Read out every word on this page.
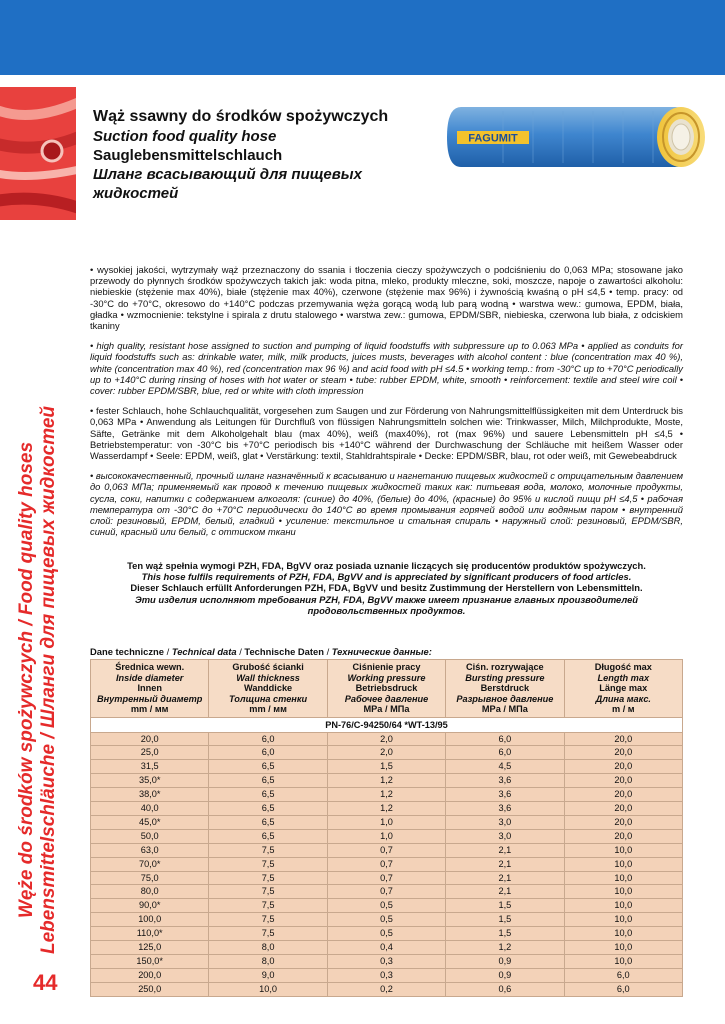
Wąż ssawny do środków spożywczych

Suction food quality hose

Sauglebensmittelschlauch

Шланг всасывающий для пищевых жидкостей

FAGUMIT
Węże do środków spożywczych / Food quality hoses Lebensmittelschläuche / Шланги для пищевых жидкостей
44

• wysokiej jakości, wytrzymały wąż przeznaczony do ssania i tłoczenia cieczy spożywczych o podciśnieniu do 0,063 MPa; stosowane jako przewody do płynnych środków spożywczych takich jak: woda pitna, mleko, produkty mleczne, soki, moszcze, napoje o zawartości alkoholu: niebieskie (stężenie max 40%), białe (stężenie max 40%), czerwone (stężenie max 96%) i żywnością kwaśną o pH ≤4,5 • temp. pracy: od -30°C do +70°C, okresowo do +140°C podczas przemywania węża gorącą wodą lub parą wodną • warstwa wew.: gumowa, EPDM, biała, gładka • wzmocnienie: tekstylne i spirala z drutu stalowego • warstwa zew.: gumowa, EPDM/SBR, niebieska, czerwona lub biała, z odciskiem tkaniny

• high quality, resistant hose assigned to suction and pumping of liquid foodstuffs with subpressure up to 0.063 MPa • applied as conduits for liquid foodstuffs such as: drinkable water, milk, milk products, juices musts, beverages with alcohol content : blue (concentration max 40 %), white (concentration max 40 %), red (concentration max 96 %) and acid food with pH ≤4.5 • working temp.: from -30°C up to +70°C periodically up to +140°C during rinsing of hoses with hot water or steam • tube: rubber EPDM, white, smooth • reinforcement: textile and steel wire coil • cover: rubber EPDM/SBR, blue, red or white with cloth impression

• fester Schlauch, hohe Schlauchqualität, vorgesehen zum Saugen und zur Förderung von Nahrungsmittelflüssigkeiten mit dem Unterdruck bis 0,063 MPa • Anwendung als Leitungen für Durchfluß von flüssigen Nahrungsmitteln solchen wie: Trinkwasser, Milch, Milchprodukte, Moste, Säfte, Getränke mit dem Alkoholgehalt blau (max 40%), weiß (max40%), rot (max 96%) und sauere Lebensmitteln pH ≤4,5 • Betriebstemperatur: von -30°C bis +70°C periodisch bis +140°C während der Durchwaschung der Schläuche mit heißem Wasser oder Wasserdampf • Seele: EPDM, weiß, glat • Verstärkung: textil, Stahldrahtspirale • Decke: EPDM/SBR, blau, rot oder weiß, mit Gewebeabdruck

• высококачественный, прочный шланг назначённый к всасыванию и нагнетанию пищевых жидкостей с отрицательным давлением до 0,063 МПа; применяемый как провод к течению пищевых жидкостей таких как: питьевая вода, молоко, молочные продукты, сусла, соки, напитки с содержанием алкоголя: (синие) до 40%, (белые) до 40%, (красные) до 95% и кислой пищи pH ≤4,5 • рабочая температура от -30°C до +70°C периодически до 140°C во время промывания горячей водой или водяным паром • внутренний слой: резиновый, EPDM, белый, гладкий • усиление: текстильное и стальная спираль • наружный слой: резиновый, EPDM/SBR, синий, красный или белый, с оттиском ткани

Ten wąż spełnia wymogi PZH, FDA, BgVV oraz posiada uznanie liczących się producentów produktów spożywczych.

This hose fulfils requirements of PZH, FDA, BgVV and is appreciated by significant producers of food articles.

Dieser Schlauch erfüllt Anforderungen PZH, FDA, BgVV und besitz Zustimmung der Herstellern von Lebensmitteln.

Эти изделия исполняют требования PZH, FDA, BgVV также имеет признание главных производителей

продовольственных продуктов.

Dane techniczne / Technical data / Technische Daten / Технические данные:
Średnica wewn.

Inside diameter
Innen

Внутренный диаметр
mm / мм	Grubość ścianki

Wall thickness
Wanddicke

Толщина стенки
mm / мм	Ciśnienie pracy

Working pressure
Betriebsdruck

Рабочее давление
MPa / МПа	Ciśn. rozrywające

Bursting pressure
Berstdruck

Разрывное давление
MPa / МПа	Długość max

Length max
Länge max

Длина макс.
m / м
PN-76/C-94250/64 *WT-13/95				
20,0	6,0	2,0	6,0	20,0
25,0	6,0	2,0	6,0	20,0
31,5	6,5	1,5	4,5	20,0
35,0*	6,5	1,2	3,6	20,0
38,0*	6,5	1,2	3,6	20,0
40,0	6,5	1,2	3,6	20,0
45,0*	6,5	1,0	3,0	20,0
50,0	6,5	1,0	3,0	20,0
63,0	7,5	0,7	2,1	10,0
70,0*	7,5	0,7	2,1	10,0
75,0	7,5	0,7	2,1	10,0
80,0	7,5	0,7	2,1	10,0
90,0*	7,5	0,5	1,5	10,0
100,0	7,5	0,5	1,5	10,0
110,0*	7,5	0,5	1,5	10,0
125,0	8,0	0,4	1,2	10,0
150,0*	8,0	0,3	0,9	10,0
200,0	9,0	0,3	0,9	6,0
250,0	10,0	0,2	0,6	6,0
